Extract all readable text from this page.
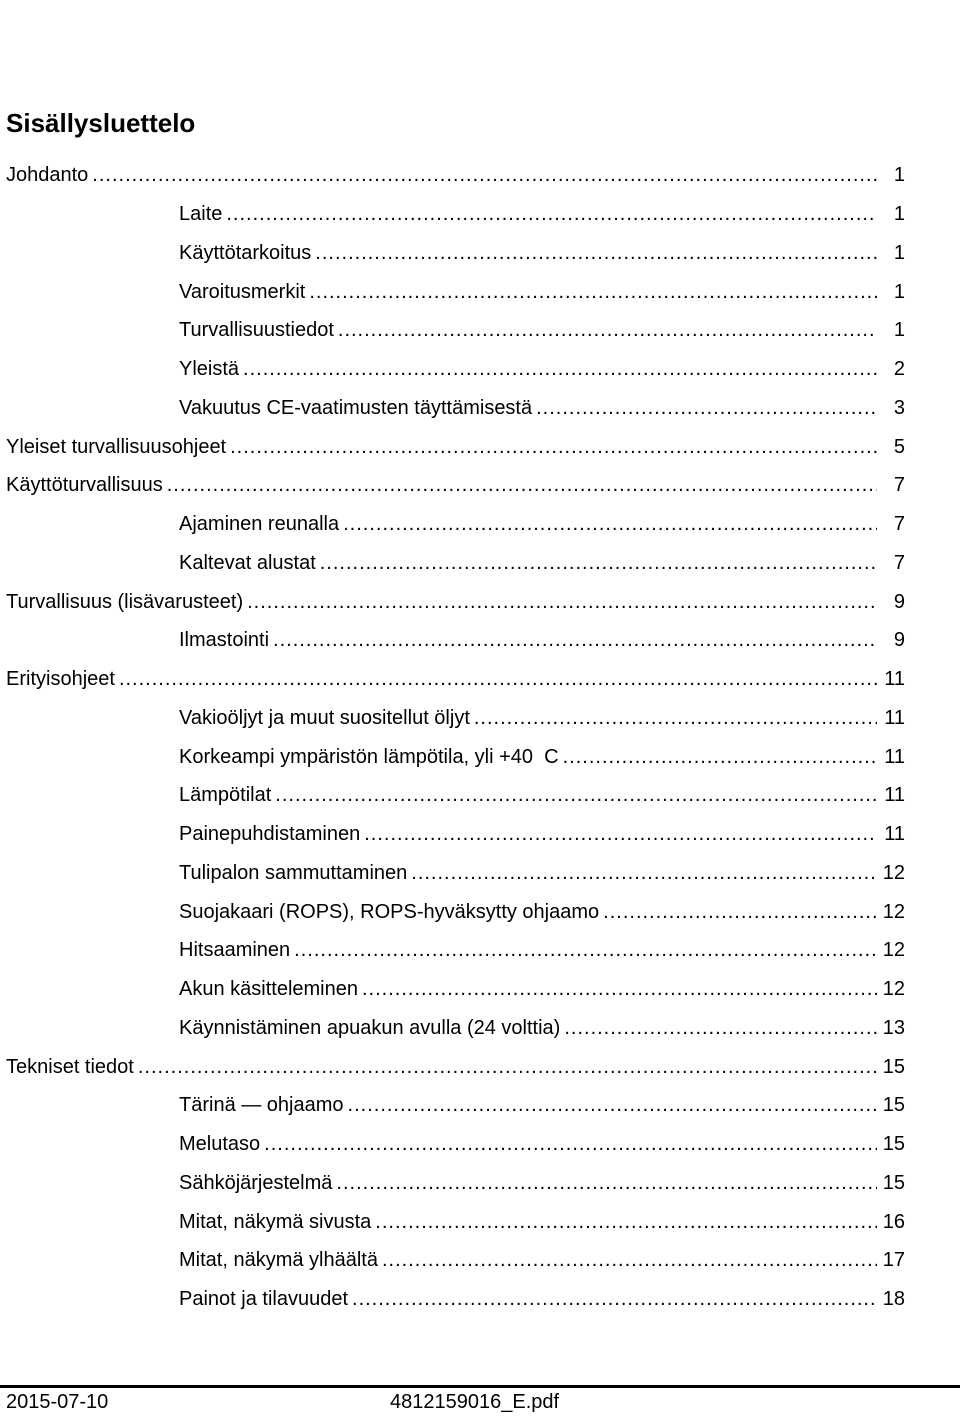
Sisällysluettelo
Johdanto .....	1
Laite .....	1
Käyttötarkoitus .....	1
Varoitusmerkit .....	1
Turvallisuustiedot .....	1
Yleistä .....	2
Vakuutus CE-vaatimusten täyttämisestä .....	3
Yleiset turvallisuusohjeet .....	5
Käyttöturvallisuus .....	7
Ajaminen reunalla .....	7
Kaltevat alustat .....	7
Turvallisuus (lisävarusteet) .....	9
Ilmastointi .....	9
Erityisohjeet .....	11
Vakioöljyt ja muut suositellut öljyt .....	11
Korkeampi ympäristön lämpötila, yli +40  C .....	11
Lämpötilat .....	11
Painepuhdistaminen .....	11
Tulipalon sammuttaminen .....	12
Suojakaari (ROPS), ROPS-hyväksytty ohjaamo .....	12
Hitsaaminen .....	12
Akun käsitteleminen .....	12
Käynnistäminen apuakun avulla (24 volttia) .....	13
Tekniset tiedot .....	15
Tärinä — ohjaamo .....	15
Melutaso .....	15
Sähköjärjestelmä .....	15
Mitat, näkymä sivusta .....	16
Mitat, näkymä ylhäältä .....	17
Painot ja tilavuudet .....	18
2015-07-10	4812159016_E.pdf
